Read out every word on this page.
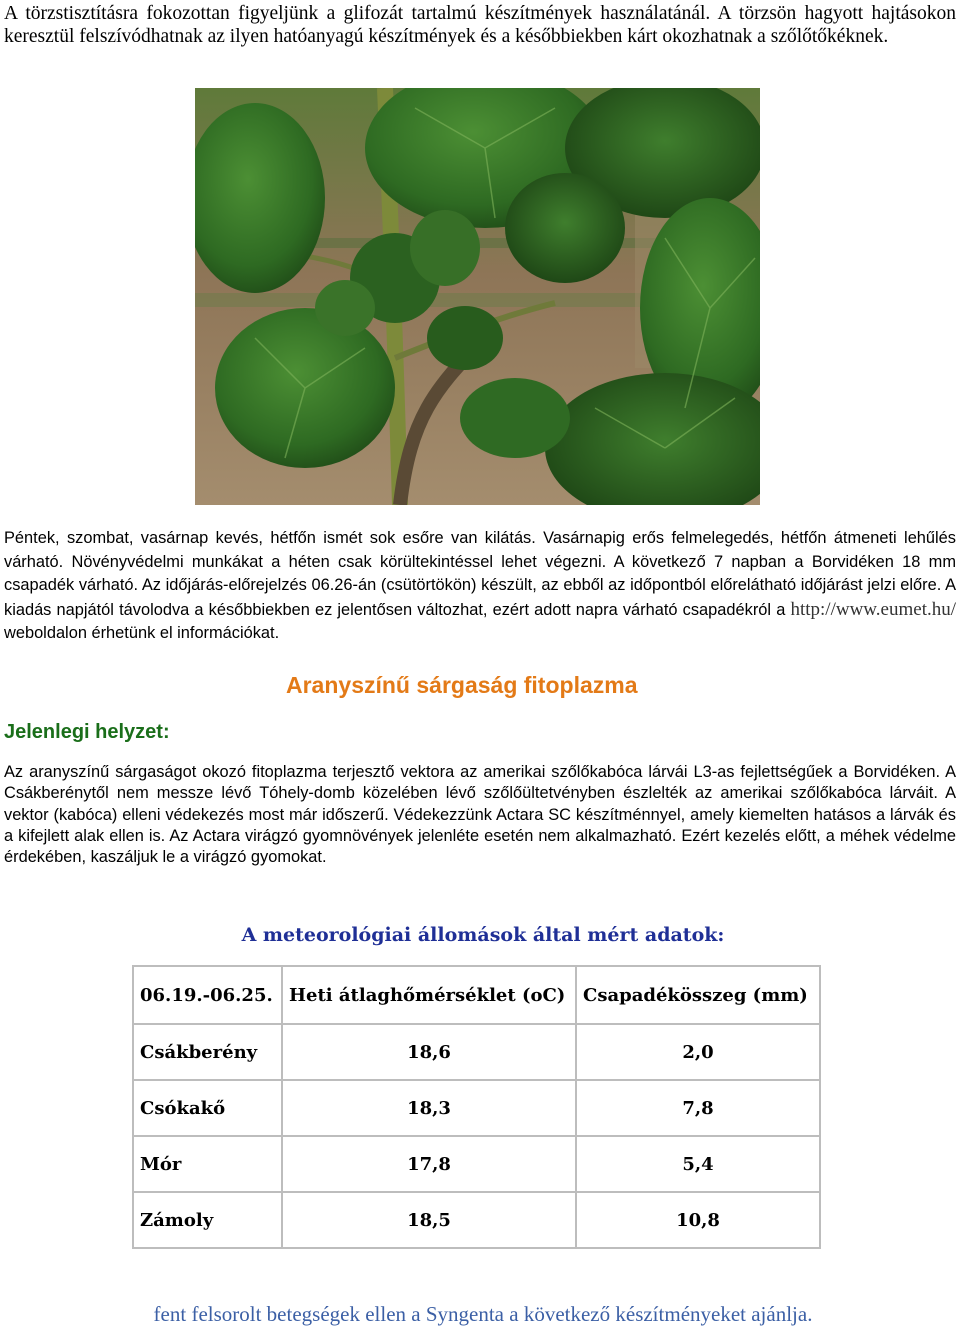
A törzstisztításra fokozottan figyeljünk a glifozát tartalmú készítmények használatánál. A törzsön hagyott hajtásokon keresztül felszívódhatnak az ilyen hatóanyagú készítmények és a későbbiekben kárt okozhatnak a szőlőtőkéknek.
Péntek, szombat, vasárnap kevés, hétfőn ismét sok esőre van kilátás. Vasárnapig erős felmelegedés, hétfőn átmeneti lehűlés várható. Növényvédelmi munkákat a héten csak körültekintéssel lehet végezni. A következő 7 napban a Borvidéken 18 mm csapadék várható. Az időjárás-előrejelzés 06.26-án (csütörtökön) készült, az ebből az időpontból előrelátható időjárást jelzi előre. A kiadás napjától távolodva a későbbiekben ez jelentősen változhat, ezért adott napra várható csapadékról a http://www.eumet.hu/ weboldalon érhetünk el információkat.
Aranyszínű sárgaság fitoplazma
Jelenlegi helyzet:
Az aranyszínű sárgaságot okozó fitoplazma terjesztő vektora az amerikai szőlőkabóca lárvái L3-as fejlettségűek a Borvidéken. A Csákberénytől nem messze lévő Tóhely-domb közelében lévő szőlőültetvényben észlelték az amerikai szőlőkabóca lárváit. A vektor (kabóca) elleni védekezés most már időszerű. Védekezzünk Actara SC készítménnyel, amely kiemelten hatásos a lárvák és a kifejlett alak ellen is. Az Actara virágzó gyomnövények jelenléte esetén nem alkalmazható. Ezért kezelés előtt, a méhek védelme érdekében, kaszáljuk le a virágzó gyomokat.
A meteorológiai állomások által mért adatok:
06.19.-06.25.	Heti átlaghőmérséklet (oC)	Csapadékösszeg (mm)
Csákberény	18,6	2,0
Csókakő	18,3	7,8
Mór	17,8	5,4
Zámoly	18,5	10,8
fent felsorolt betegségek ellen a Syngenta a következő készítményeket ajánlja.
